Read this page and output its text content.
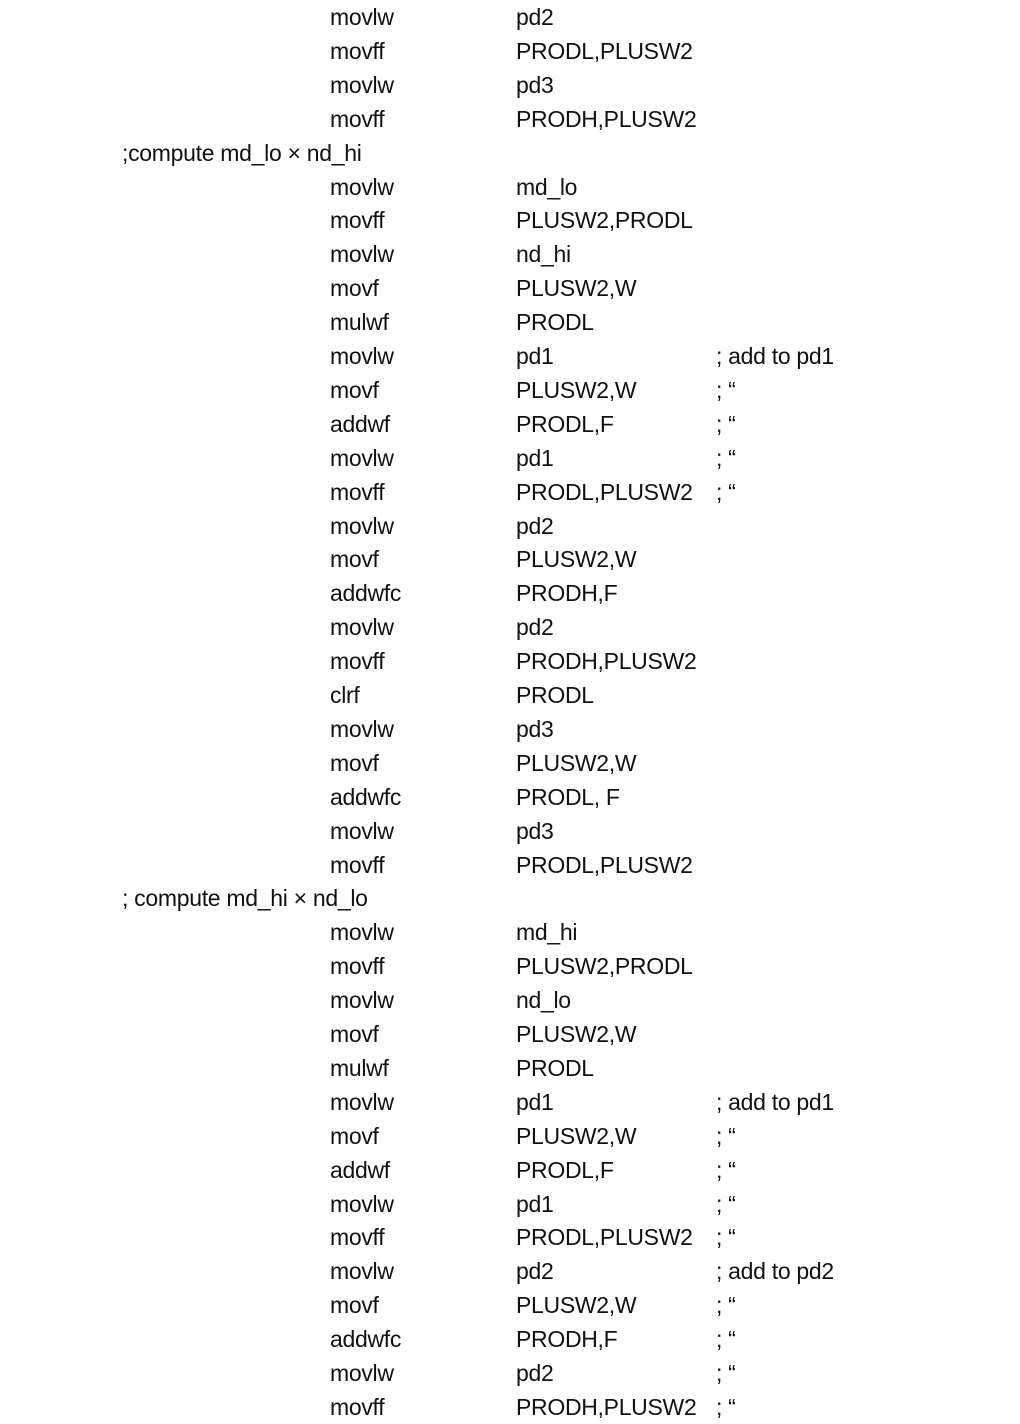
movlw	pd2
movff	PRODL,PLUSW2
movlw	pd3
movff	PRODH,PLUSW2
;compute md_lo × nd_hi
movlw	md_lo
movff	PLUSW2,PRODL
movlw	nd_hi
movf	PLUSW2,W
mulwf	PRODL
movlw	pd1	; add to pd1
movf	PLUSW2,W	; “
addwf	PRODL,F	; “
movlw	pd1	; “
movff	PRODL,PLUSW2 ; “
movlw	pd2
movf	PLUSW2,W
addwfc	PRODH,F
movlw	pd2
movff	PRODH,PLUSW2
clrf	PRODL
movlw	pd3
movf	PLUSW2,W
addwfc	PRODL, F
movlw	pd3
movff	PRODL,PLUSW2
; compute md_hi × nd_lo
movlw	md_hi
movff	PLUSW2,PRODL
movlw	nd_lo
movf	PLUSW2,W
mulwf	PRODL
movlw	pd1	; add to pd1
movf	PLUSW2,W	; “
addwf	PRODL,F	; “
movlw	pd1	; “
movff	PRODL,PLUSW2 ; “
movlw	pd2	; add to pd2
movf	PLUSW2,W	; “
addwfc	PRODH,F	; “
movlw	pd2	; “
movff	PRODH,PLUSW2 ; “
